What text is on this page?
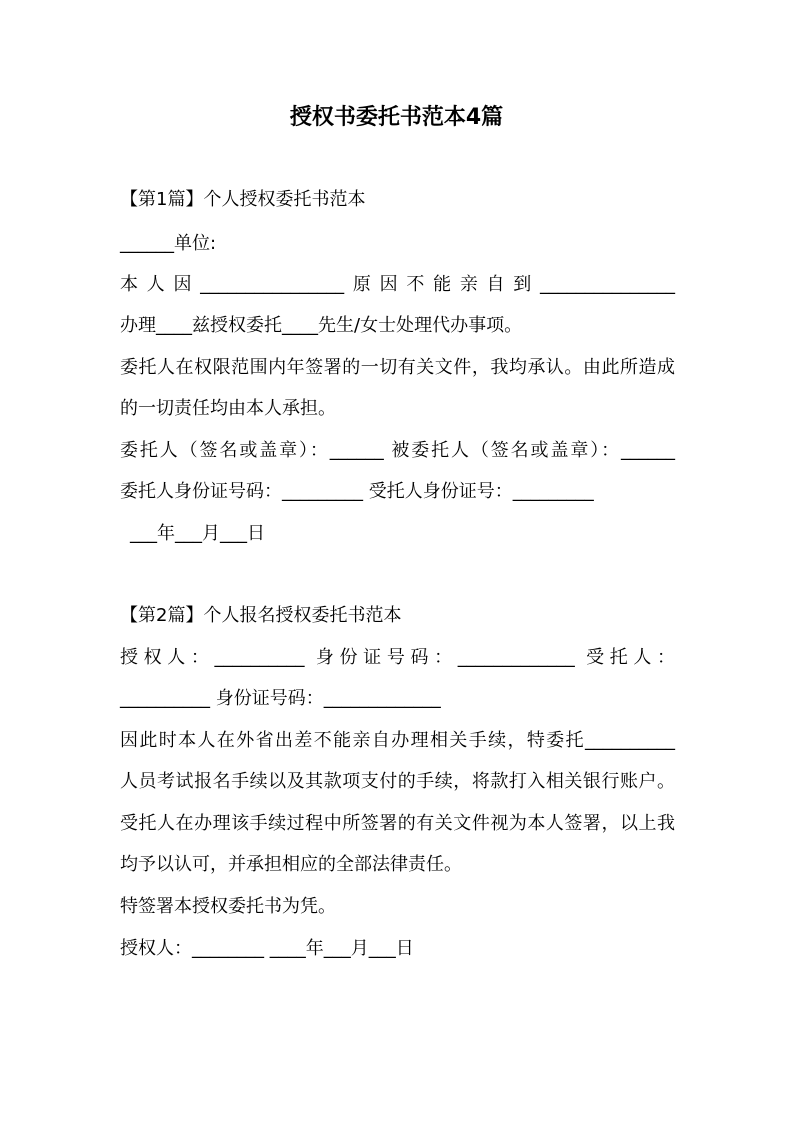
授权书委托书范本4篇
【第1篇】个人授权委托书范本
______单位:
本人因________________原因不能亲自到_______________
办理____兹授权委托____先生/女士处理代办事项。
委托人在权限范围内年签署的一切有关文件，我均承认。由此所造成
的一切责任均由本人承担。
委托人（签名或盖章）：______ 被委托人（签名或盖章）：______
委托人身份证号码：_________ 受托人身份证号：_________
___年___月___日
【第2篇】个人报名授权委托书范本
授权人：__________ 身份证号码：_____________ 受托人：
__________ 身份证号码：_____________
因此时本人在外省出差不能亲自办理相关手续，特委托__________
人员考试报名手续以及其款项支付的手续，将款打入相关银行账户。
受托人在办理该手续过程中所签署的有关文件视为本人签署，以上我
均予以认可，并承担相应的全部法律责任。
特签署本授权委托书为凭。
授权人：________ ____年___月___日
